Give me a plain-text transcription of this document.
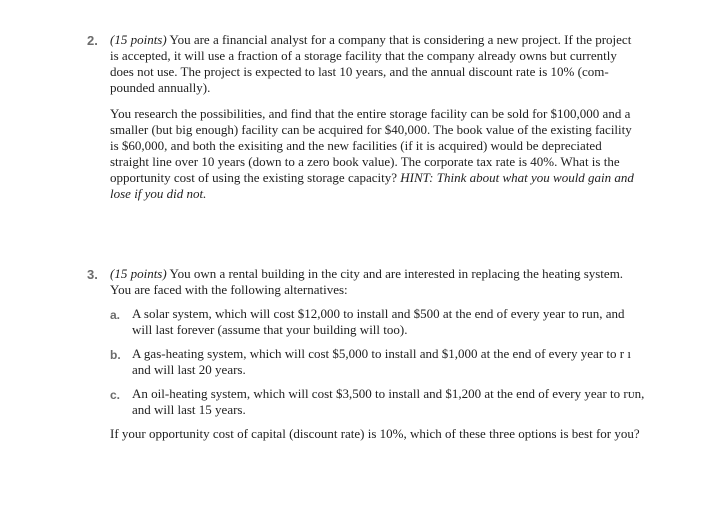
2. (15 points) You are a financial analyst for a company that is considering a new project. If the project
is accepted, it will use a fraction of a storage facility that the company already owns but currently
does not use. The project is expected to last 10 years, and the annual discount rate is 10% (com-
pounded annually).

You research the possibilities, and find that the entire storage facility can be sold for $100,000 and a
smaller (but big enough) facility can be acquired for $40,000. The book value of the existing facility
is $60,000, and both the exisiting and the new facilities (if it is acquired) would be depreciated
straight line over 10 years (down to a zero book value). The corporate tax rate is 40%. What is the
opportunity cost of using the existing storage capacity? HINT: Think about what you would gain and
lose if you did not.

3. (15 points) You own a rental building in the city and are interested in replacing the heating system.
You are faced with the following alternatives:

a. A solar system, which will cost $12,000 to install and $500 at the end of every year to run, and
will last forever (assume that your building will too).

b. A gas-heating system, which will cost $5,000 to install and $1,000 at the end of every year to r ı
and will last 20 years.

c. An oil-heating system, which will cost $3,500 to install and $1,200 at the end of every year to rᴜn,
and will last 15 years.

If your opportunity cost of capital (discount rate) is 10%, which of these three options is best for you?
